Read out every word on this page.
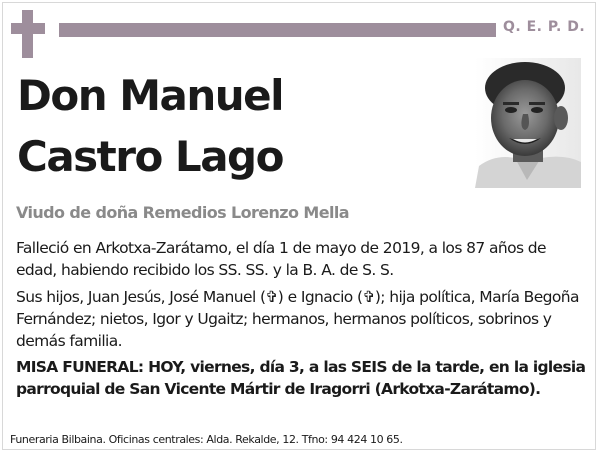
Q. E. P. D.
Don Manuel
Castro Lago
Viudo de doña Remedios Lorenzo Mella

Falleció en Arkotxa-Zarátamo, el día 1 de mayo de 2019, a los 87 años de edad, habiendo recibido los SS. SS. y la B. A. de S. S.

Sus hijos, Juan Jesús, José Manuel (✞) e Ignacio (✞); hija política, María Begoña Fernández; nietos, Igor y Ugaitz; hermanos, hermanos políticos, sobrinos y demás familia.

MISA FUNERAL: HOY, viernes, día 3, a las SEIS de la tarde, en la iglesia parroquial de San Vicente Mártir de Iragorri (Arkotxa-Zarátamo).

Funeraria Bilbaina. Oficinas centrales: Alda. Rekalde, 12. Tfno: 94 424 10 65.
